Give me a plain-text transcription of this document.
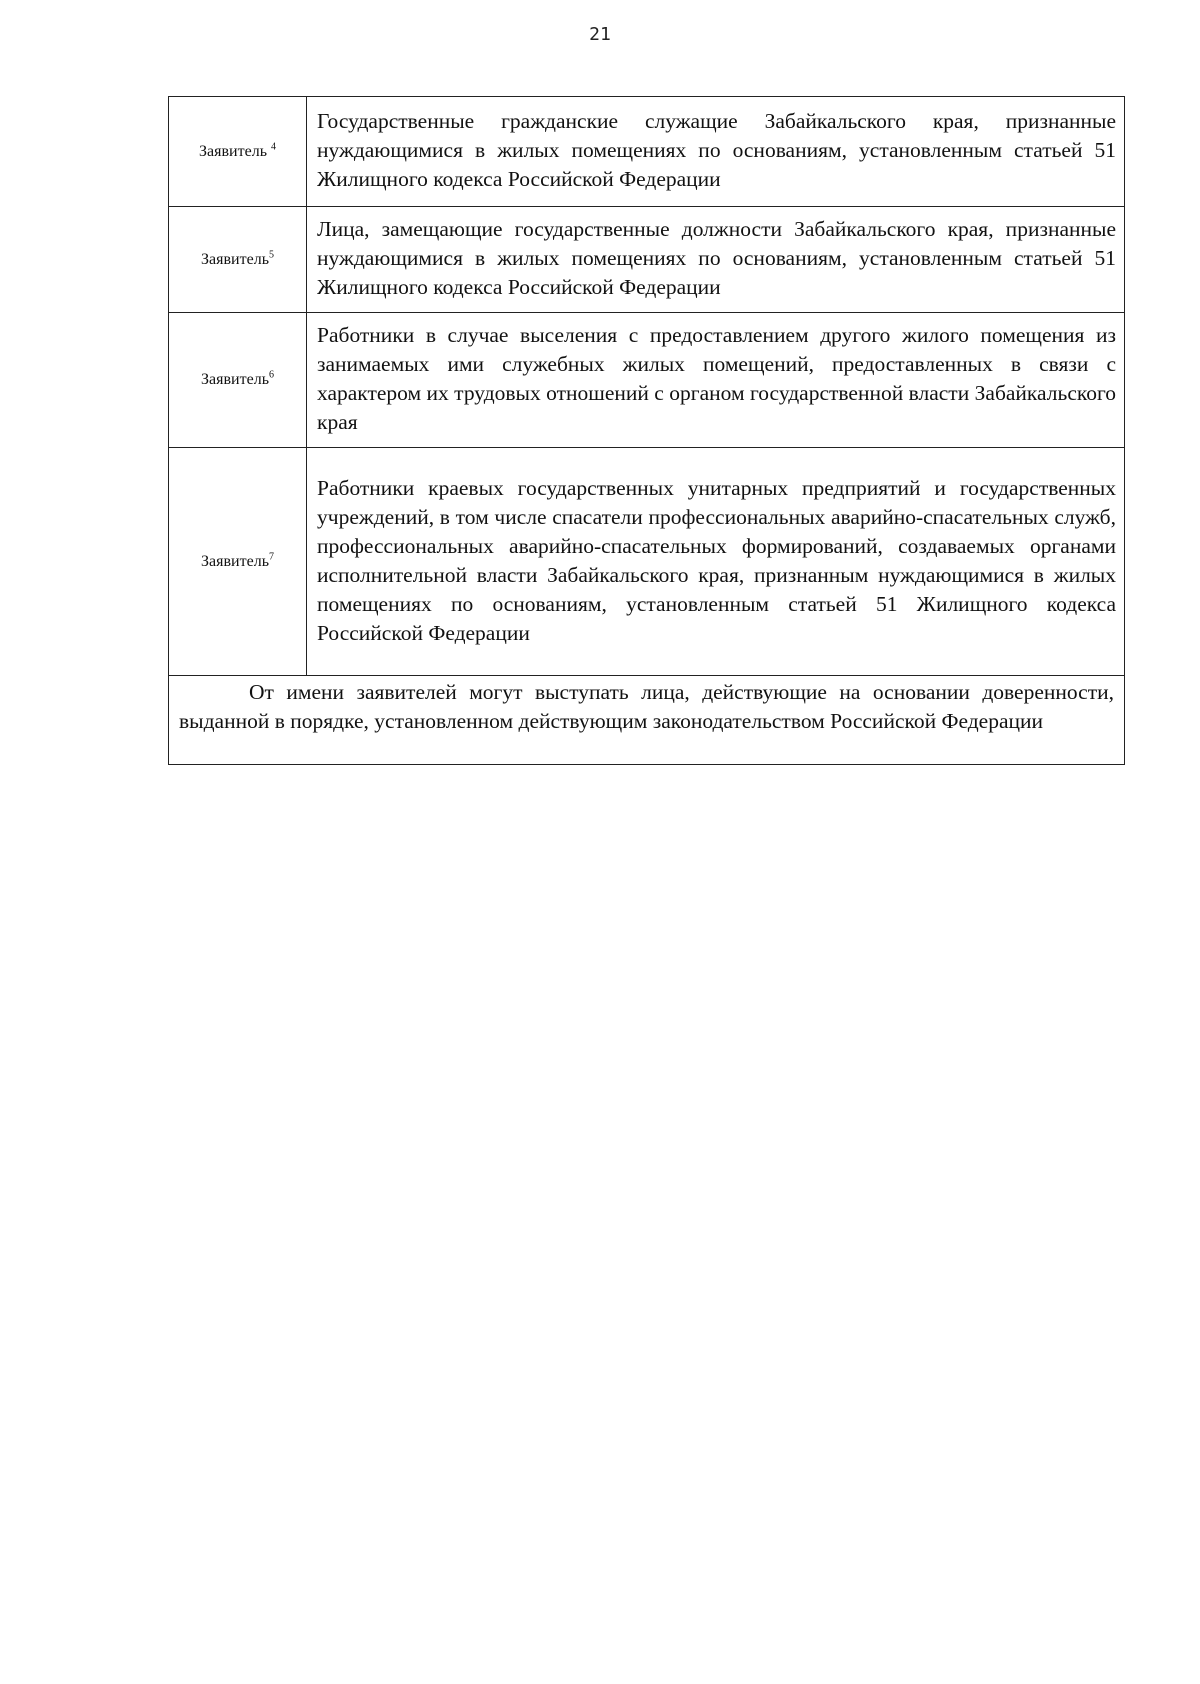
21
Заявитель $^4$	Государственные гражданские служащие Забайкальского края, признанные нуждающимися в жилых помещениях по основаниям, установленным статьей 51 Жилищного кодекса Российской Федерации
Заявитель$^5$	Лица, замещающие государственные должности Забайкальского края, признанные нуждающимися в жилых помещениях по основаниям, установленным статьей 51 Жилищного кодекса Российской Федерации
Заявитель$^6$	Работники в случае выселения с предоставлением другого жилого помещения из занимаемых ими служебных жилых помещений, предоставленных в связи с характером их трудовых отношений с органом государственной власти Забайкальского края
Заявитель$^7$	Работники краевых государственных унитарных предприятий и государственных учреждений, в том числе спасатели профессиональных аварийно-спасательных служб, профессиональных аварийно-спасательных формирований, создаваемых органами исполнительной власти Забайкальского края, признанным нуждающимися в жилых помещениях по основаниям, установленным статьей 51 Жилищного кодекса Российской Федерации
От имени заявителей могут выступать лица, действующие на основании доверенности, выданной в порядке, установленном действующим законодательством Российской Федерации	
